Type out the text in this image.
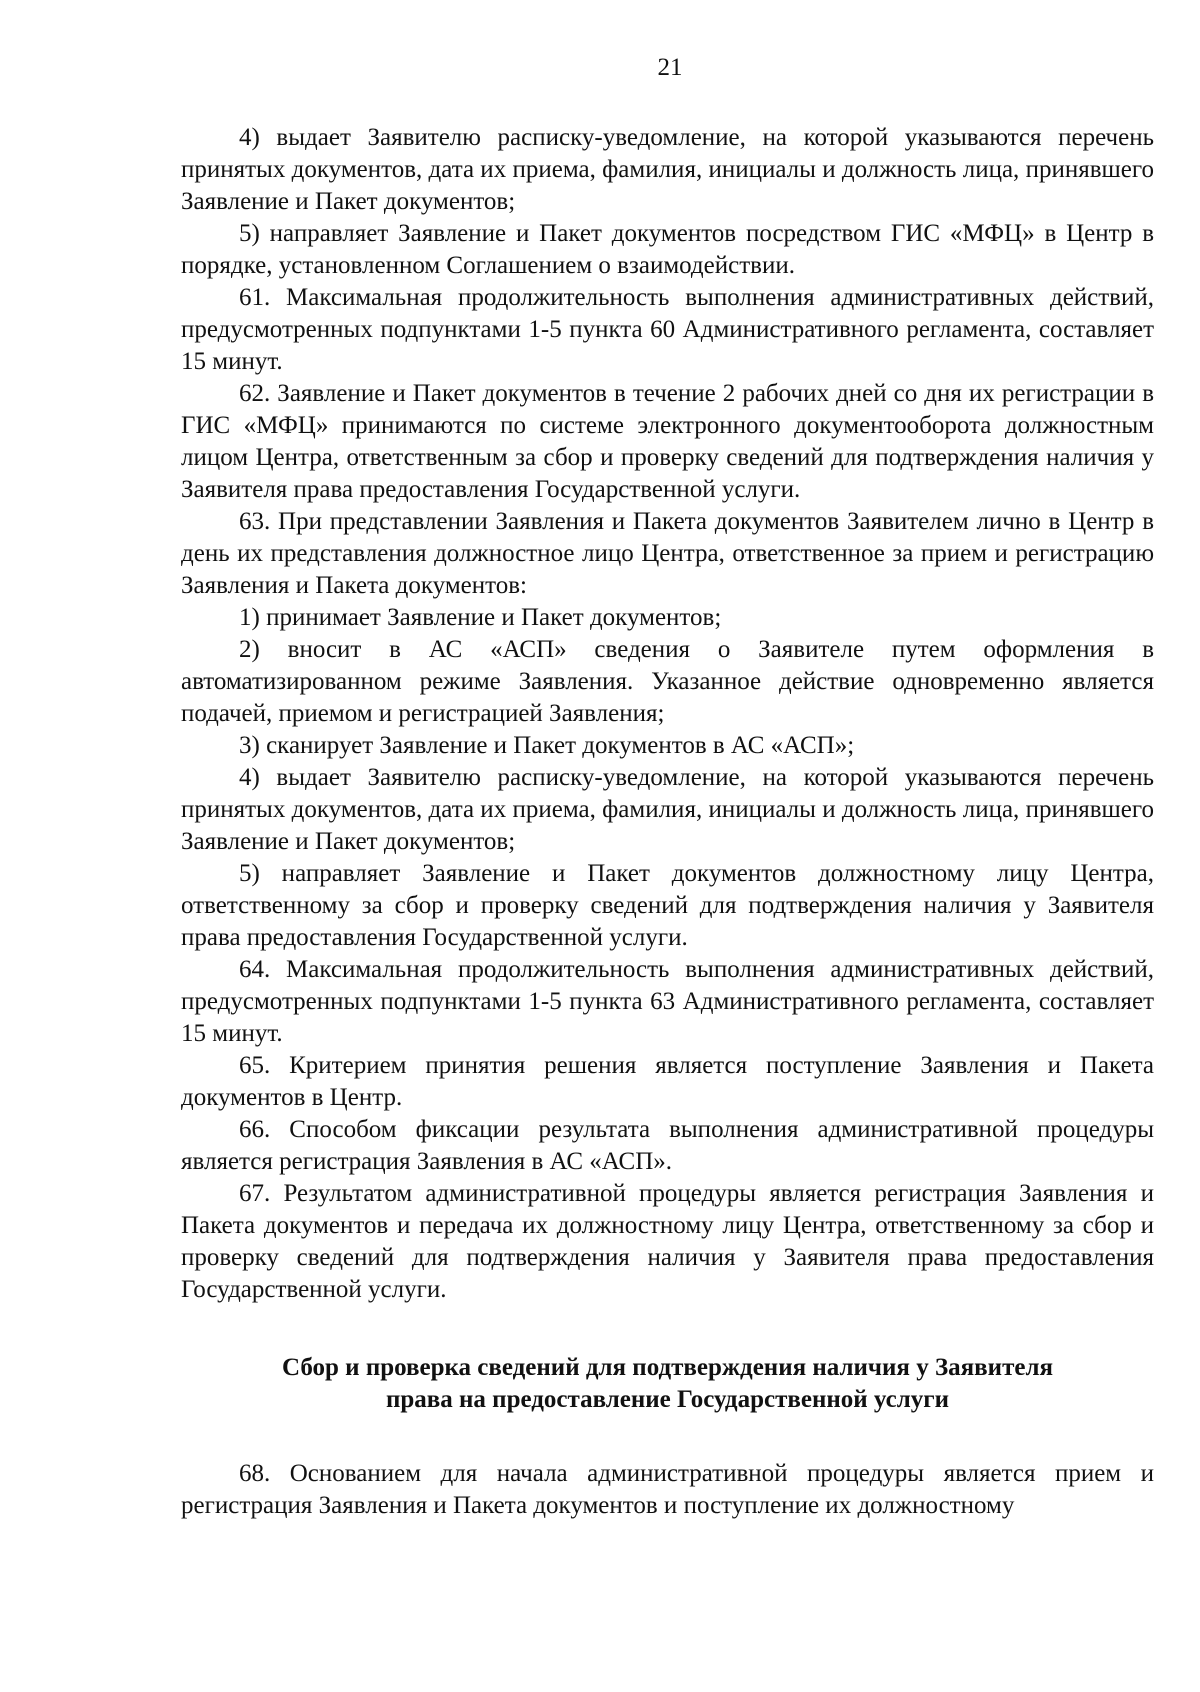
21

4) выдает Заявителю расписку-уведомление, на которой указываются перечень принятых документов, дата их приема, фамилия, инициалы и должность лица, принявшего Заявление и Пакет документов;

5) направляет Заявление и Пакет документов посредством ГИС «МФЦ» в Центр в порядке, установленном Соглашением о взаимодействии.

61. Максимальная продолжительность выполнения административных действий, предусмотренных подпунктами 1-5 пункта 60 Административного регламента, составляет 15 минут.

62. Заявление и Пакет документов в течение 2 рабочих дней со дня их регистрации в ГИС «МФЦ» принимаются по системе электронного документооборота должностным лицом Центра, ответственным за сбор и проверку сведений для подтверждения наличия у Заявителя права предоставления Государственной услуги.

63. При представлении Заявления и Пакета документов Заявителем лично в Центр в день их представления должностное лицо Центра, ответственное за прием и регистрацию Заявления и Пакета документов:

1) принимает Заявление и Пакет документов;

2) вносит в АС «АСП» сведения о Заявителе путем оформления в автоматизированном режиме Заявления. Указанное действие одновременно является подачей, приемом и регистрацией Заявления;

3) сканирует Заявление и Пакет документов в АС «АСП»;

4) выдает Заявителю расписку-уведомление, на которой указываются перечень принятых документов, дата их приема, фамилия, инициалы и должность лица, принявшего Заявление и Пакет документов;

5) направляет Заявление и Пакет документов должностному лицу Центра, ответственному за сбор и проверку сведений для подтверждения наличия у Заявителя права предоставления Государственной услуги.

64. Максимальная продолжительность выполнения административных действий, предусмотренных подпунктами 1-5 пункта 63 Административного регламента, составляет 15 минут.

65. Критерием принятия решения является поступление Заявления и Пакета документов в Центр.

66. Способом фиксации результата выполнения административной процедуры является регистрация Заявления в АС «АСП».

67. Результатом административной процедуры является регистрация Заявления и Пакета документов и передача их должностному лицу Центра, ответственному за сбор и проверку сведений для подтверждения наличия у Заявителя права предоставления Государственной услуги.

Сбор и проверка сведений для подтверждения наличия у Заявителя
права на предоставление Государственной услуги

68. Основанием для начала административной процедуры является прием и регистрация Заявления и Пакета документов и поступление их должностному
